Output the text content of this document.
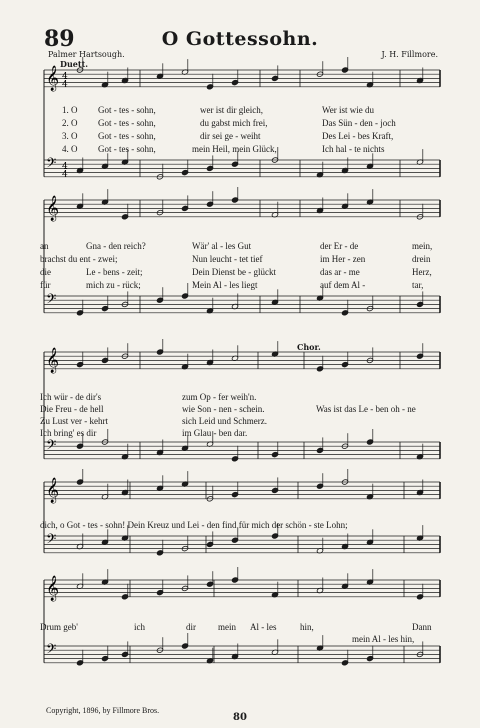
89	O Gottessohn.
Palmer Hartsough.	J. H. Fillmore.
Duett.
Chor.
𝄞
𝄢
𝄞
𝄢
𝄞
𝄢
𝄞
𝄢
𝄞
𝄢
4
4
4
4
1. O Got - tes - sohn,	wer ist dir gleich,	Wer ist wie du
2. O Got - tes - sohn,	du gabst mich frei,	Das Sün - den - joch
3. O Got - tes - sohn,	dir sei ge - weiht	Des Lei - bes Kraft,
4. O Got - tes - sohn,	mein Heil, mein Glück,	Ich hal - te nichts
an	Gna - den reich?	Wär' al - les Gut	der Er - de	mein,
brachst du ent - zwei;	Nun leucht - tet tief	im Her - zen	drein
die	Le - bens - zeit;	Dein Dienst be - glückt	das ar - me	Herz,
für	mich zu - rück;	Mein Al - les liegt	auf dem Al -	tar,
Ich wür - de dir's	zum Op - fer weih'n.
Die Freu - de hell	wie Son - nen - schein.
Zu Lust ver - kehrt	sich Leid und Schmerz.
Ich bring' es dir	im Glau - ben dar.
Was ist das Le - ben oh - ne
dich, o Got - tes - sohn! Dein Kreuz und Lei - den find für mich der schön - ste Lohn;
Drum geb'	ich	dir mein Al - les	hin,	Dann
mein Al - les hin,
Copyright, 1896, by Fillmore Bros.
80
